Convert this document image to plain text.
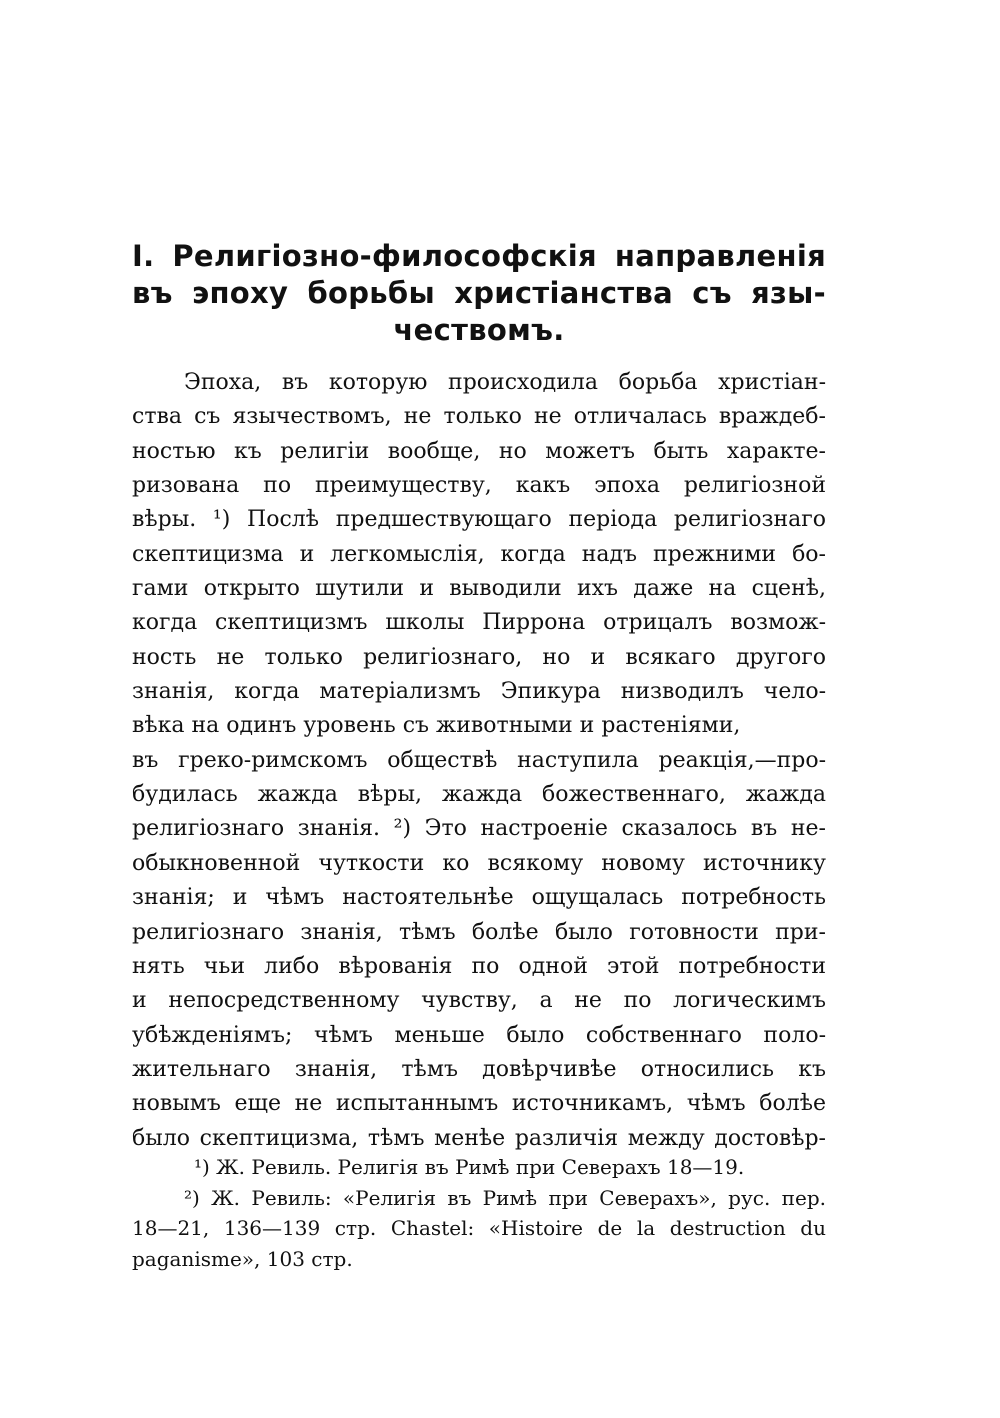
I. Религiозно-философскiя направленiя
въ эпоху борьбы христiанства съ язы-
чествомъ.
Эпоха, въ которую происходила борьба христiан-
ства съ язычествомъ, не только не отличалась враждеб-
ностью къ религiи вообще, но можетъ быть характе-
ризована по преимуществу, какъ эпоха религiозной
вѣры. ¹) Послѣ предшествующаго перiода религiознаго
скептицизма и легкомыслiя, когда надъ прежними бо-
гами открыто шутили и выводили ихъ даже на сценѣ,
когда скептицизмъ школы Пиррона отрицалъ возмож-
ность не только религiознаго, но и всякаго другого
знанiя, когда матерiализмъ Эпикура низводилъ чело-
вѣка на одинъ уровень съ животными и растенiями,
въ греко-римскомъ обществѣ наступила реакцiя,—про-
будилась жажда вѣры, жажда божественнаго, жажда
религiознаго знанiя. ²) Это настроенiе сказалось въ не-
обыкновенной чуткости ко всякому новому источнику
знанiя; и чѣмъ настоятельнѣе ощущалась потребность
религiознаго знанiя, тѣмъ болѣе было готовности при-
нять чьи либо вѣрованiя по одной этой потребности
и непосредственному чувству, а не по логическимъ
убѣжденiямъ; чѣмъ меньше было собственнаго поло-
жительнаго знанiя, тѣмъ довѣрчивѣе относились къ
новымъ еще не испытаннымъ источникамъ, чѣмъ болѣе
было скептицизма, тѣмъ менѣе различiя между достовѣр-
¹) Ж. Ревиль. Религiя въ Римѣ при Северахъ 18—19.
²) Ж. Ревиль: «Религiя въ Римѣ при Северахъ», рус. пер.
18—21, 136—139 стр. Chastel: «Histoire de la destruction du
paganisme», 103 стр.
